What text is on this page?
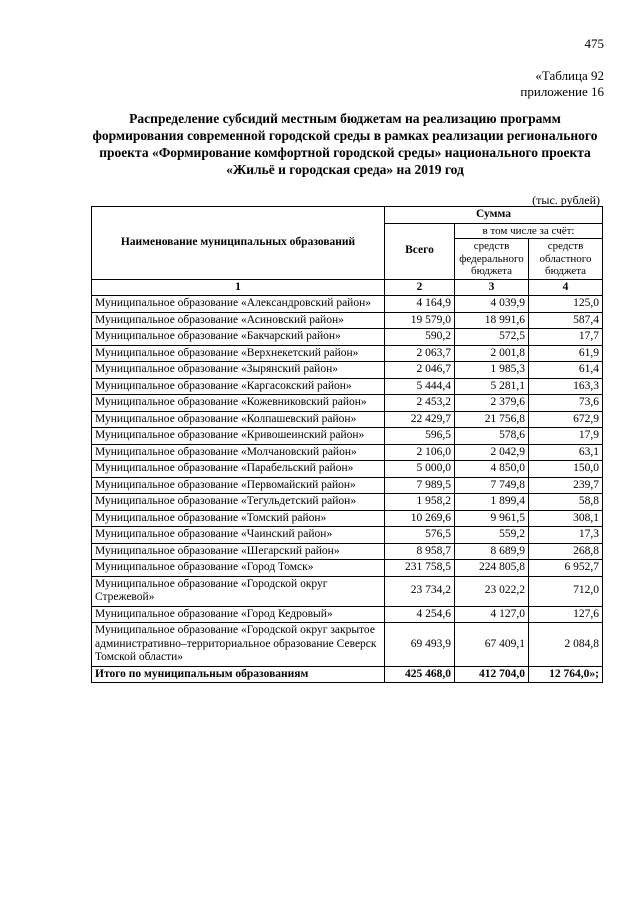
475
«Таблица 92
приложение 16
Распределение субсидий местным бюджетам на реализацию программ формирования современной городской среды в рамках реализации регионального проекта «Формирование комфортной городской среды» национального проекта «Жильё и городская среда» на 2019 год
(тыс. рублей)
Наименование муниципальных образований	Сумма		
	Всего	в том числе за счёт:	
		средств федерального бюджета	средств областного бюджета
1	2	3	4
Муниципальное образование «Александровский район»	4 164,9	4 039,9	125,0
Муниципальное образование «Асиновский район»	19 579,0	18 991,6	587,4
Муниципальное образование «Бакчарский район»	590,2	572,5	17,7
Муниципальное образование «Верхнекетский район»	2 063,7	2 001,8	61,9
Муниципальное образование «Зырянский район»	2 046,7	1 985,3	61,4
Муниципальное образование «Каргасокский район»	5 444,4	5 281,1	163,3
Муниципальное образование «Кожевниковский район»	2 453,2	2 379,6	73,6
Муниципальное образование «Колпашевский район»	22 429,7	21 756,8	672,9
Муниципальное образование «Кривошеинский район»	596,5	578,6	17,9
Муниципальное образование «Молчановский район»	2 106,0	2 042,9	63,1
Муниципальное образование «Парабельский район»	5 000,0	4 850,0	150,0
Муниципальное образование «Первомайский район»	7 989,5	7 749,8	239,7
Муниципальное образование «Тегульдетский район»	1 958,2	1 899,4	58,8
Муниципальное образование «Томский район»	10 269,6	9 961,5	308,1
Муниципальное образование «Чаинский район»	576,5	559,2	17,3
Муниципальное образование «Шегарский район»	8 958,7	8 689,9	268,8
Муниципальное образование «Город Томск»	231 758,5	224 805,8	6 952,7
Муниципальное образование «Городской округ Стрежевой»	23 734,2	23 022,2	712,0
Муниципальное образование «Город Кедровый»	4 254,6	4 127,0	127,6
Муниципальное образование «Городской округ закрытое административно–территориальное образование Северск Томской области»	69 493,9	67 409,1	2 084,8
Итого по муниципальным образованиям	425 468,0	412 704,0	12 764,0»;
